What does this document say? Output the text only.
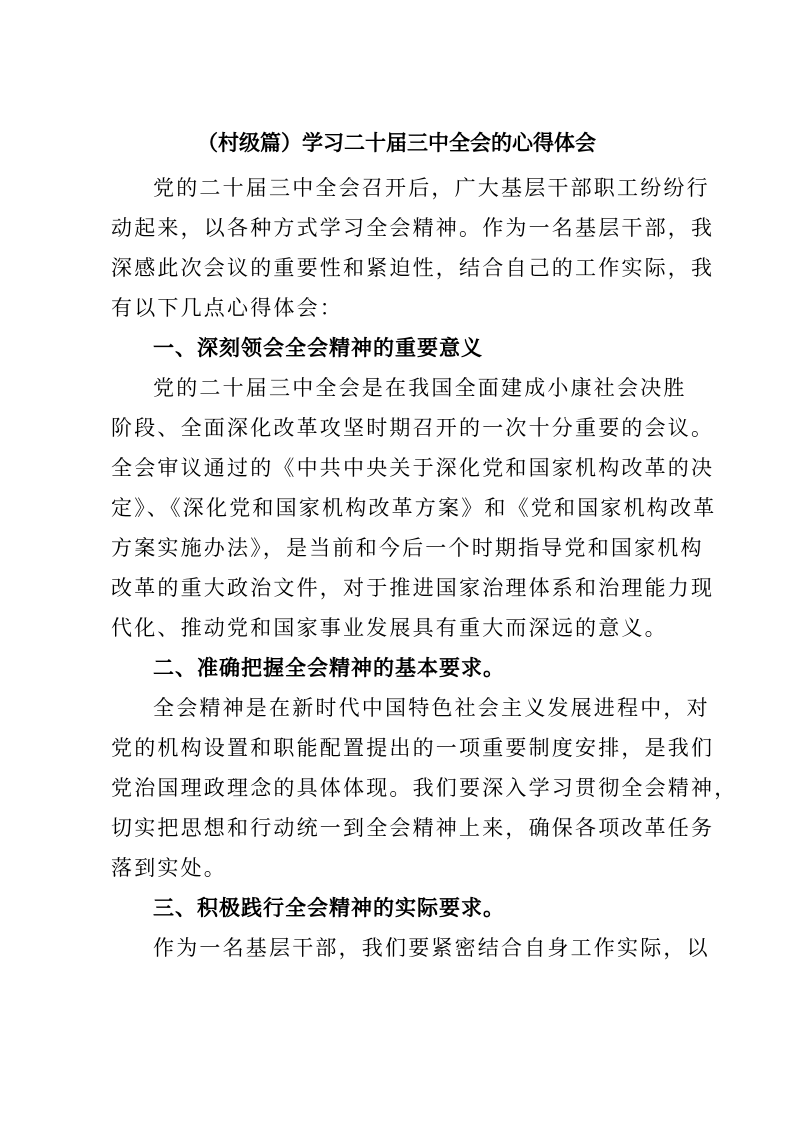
（村级篇）学习二十届三中全会的心得体会

党的二十届三中全会召开后，广大基层干部职工纷纷行
动起来，以各种方式学习全会精神。作为一名基层干部，我
深感此次会议的重要性和紧迫性，结合自己的工作实际，我
有以下几点心得体会：

一、深刻领会全会精神的重要意义

党的二十届三中全会是在我国全面建成小康社会决胜
阶段、全面深化改革攻坚时期召开的一次十分重要的会议。
全会审议通过的《中共中央关于深化党和国家机构改革的决
定》、《深化党和国家机构改革方案》和《党和国家机构改革
方案实施办法》，是当前和今后一个时期指导党和国家机构
改革的重大政治文件，对于推进国家治理体系和治理能力现
代化、推动党和国家事业发展具有重大而深远的意义。

二、准确把握全会精神的基本要求。

全会精神是在新时代中国特色社会主义发展进程中，对
党的机构设置和职能配置提出的一项重要制度安排，是我们
党治国理政理念的具体体现。我们要深入学习贯彻全会精神，
切实把思想和行动统一到全会精神上来，确保各项改革任务
落到实处。

三、积极践行全会精神的实际要求。

作为一名基层干部，我们要紧密结合自身工作实际，以
